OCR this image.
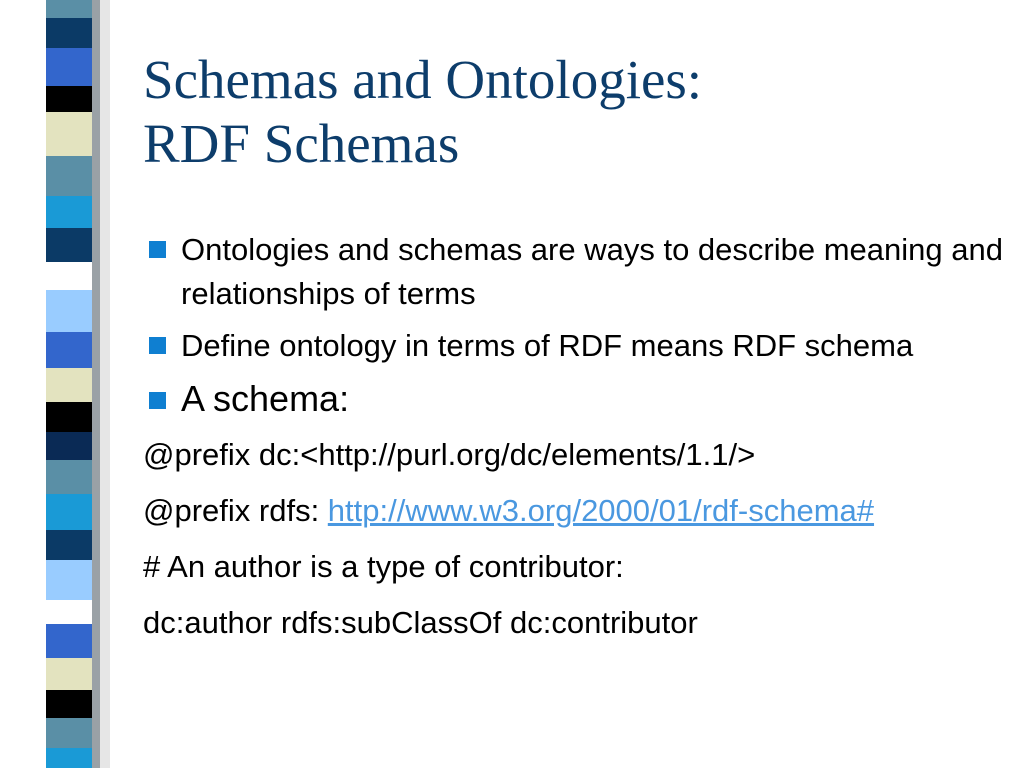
Schemas and Ontologies:
RDF Schemas
Ontologies and schemas are ways to describe meaning and relationships of terms
Define ontology in terms of RDF means RDF schema
A schema:
@prefix dc:<http://purl.org/dc/elements/1.1/>
@prefix rdfs: http://www.w3.org/2000/01/rdf-schema#
# An author is a type of contributor:
dc:author rdfs:subClassOf dc:contributor
